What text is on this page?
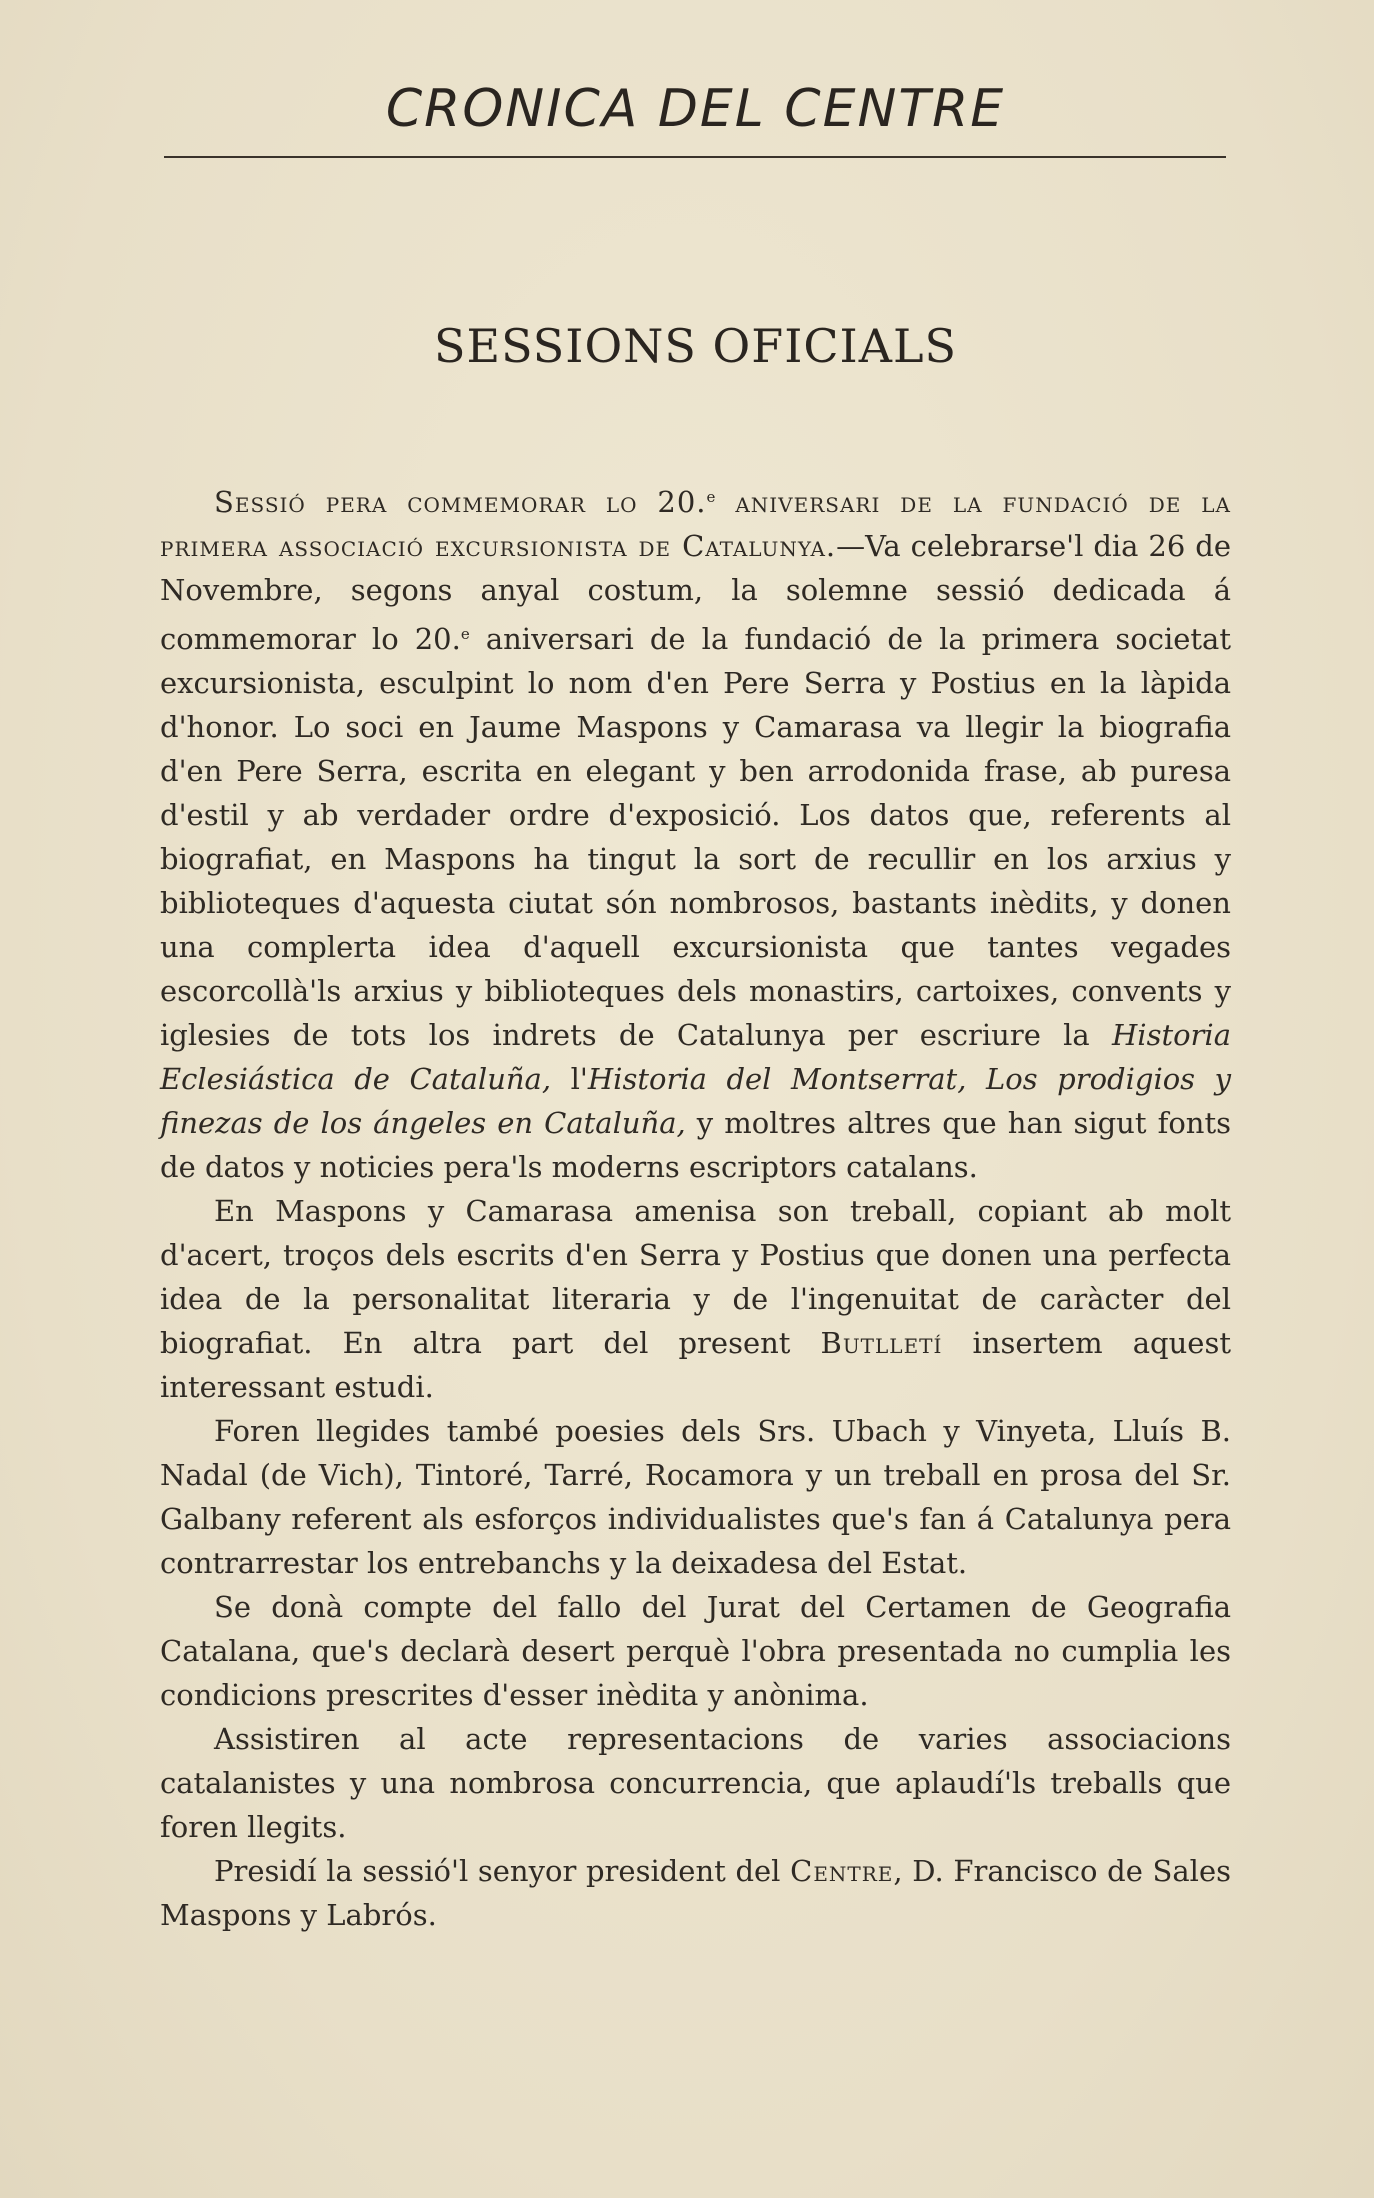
CRONICA DEL CENTRE
SESSIONS OFICIALS

Sessió pera commemorar lo 20.$^e$ aniversari de la fundació de la primera associació excursionista de Catalunya.—Va celebrarse'l dia 26 de Novembre, segons anyal costum, la solemne sessió dedicada á commemorar lo 20.$^e$ aniversari de la fundació de la primera societat excursionista, esculpint lo nom d'en Pere Serra y Postius en la làpida d'honor. Lo soci en Jaume Maspons y Camarasa va llegir la biografia d'en Pere Serra, escrita en elegant y ben arrodonida frase, ab puresa d'estil y ab verdader ordre d'exposició. Los datos que, referents al biografiat, en Maspons ha tingut la sort de recullir en los arxius y biblioteques d'aquesta ciutat són nombrosos, bastants inèdits, y donen una complerta idea d'aquell excursionista que tantes vegades escorcollà'ls arxius y biblioteques dels monastirs, cartoixes, convents y iglesies de tots los indrets de Catalunya per escriure la Historia Eclesiástica de Cataluña, l'Historia del Montserrat, Los prodigios y finezas de los ángeles en Cataluña, y moltres altres que han sigut fonts de datos y noticies pera'ls moderns escriptors catalans.

En Maspons y Camarasa amenisa son treball, copiant ab molt d'acert, troços dels escrits d'en Serra y Postius que donen una perfecta idea de la personalitat literaria y de l'ingenuitat de caràcter del biografiat. En altra part del present Butlletí insertem aquest interessant estudi.

Foren llegides també poesies dels Srs. Ubach y Vinyeta, Lluís B. Nadal (de Vich), Tintoré, Tarré, Rocamora y un treball en prosa del Sr. Galbany referent als esforços individualistes que's fan á Catalunya pera contrarrestar los entrebanchs y la deixadesa del Estat.

Se donà compte del fallo del Jurat del Certamen de Geografia Catalana, que's declarà desert perquè l'obra presentada no cumplia les condicions prescrites d'esser inèdita y anònima.

Assistiren al acte representacions de varies associacions catalanistes y una nombrosa concurrencia, que aplaudí'ls treballs que foren llegits.

Presidí la sessió'l senyor president del Centre, D. Francisco de Sales Maspons y Labrós.
